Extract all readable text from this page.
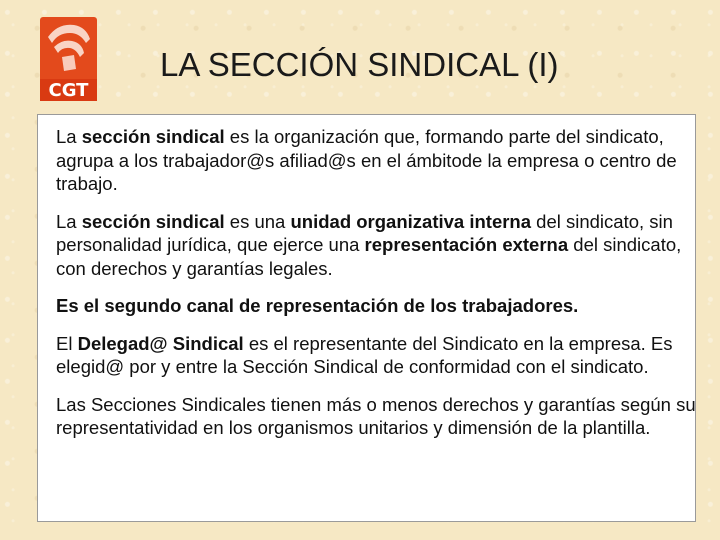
CGT
LA SECCIÓN SINDICAL (I)

La sección sindical es la organización que, formando parte del sindicato, agrupa a los trabajador@s afiliad@s en el ámbitode la empresa o centro de trabajo.

La sección sindical es una unidad organizativa interna del sindicato, sin personalidad jurídica, que ejerce una representación externa del sindicato, con derechos y garantías legales.

Es el segundo canal de representación de los trabajadores.

El Delegad@ Sindical es el representante del Sindicato en la empresa. Es elegid@ por y entre la Sección Sindical de conformidad con el sindicato.

Las Secciones Sindicales tienen más o menos derechos y garantías según su representatividad en los organismos unitarios y dimensión de la plantilla.
